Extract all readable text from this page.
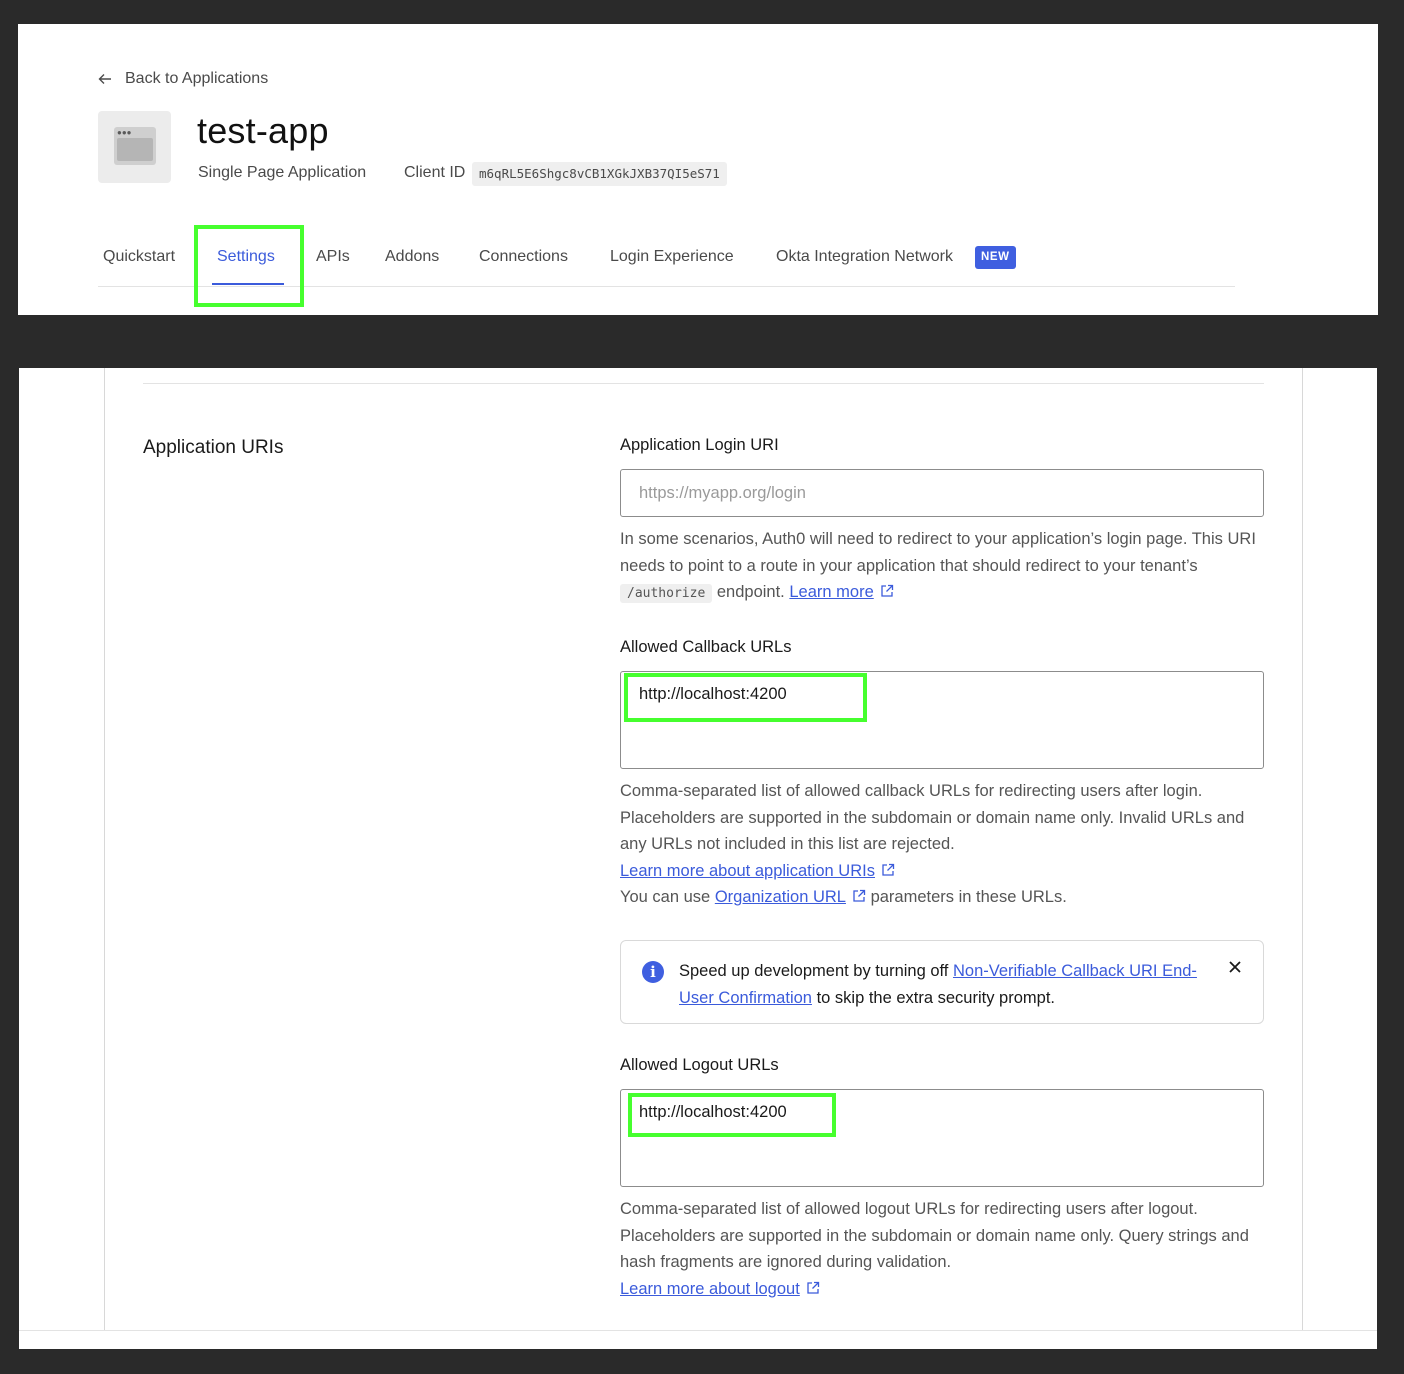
Back to Applications
●●● test-app
Single Page Application Client ID	m6qRL5E6Shgc8vCB1XGkJXB37QI5eS71
Quickstart	Settings	APIs Addons Connections	Login Experience	Okta Integration Network	NEW
Application URIs	Application Login URI
https://myapp.org/login
In some scenarios, Auth0 will need to redirect to your application’s login page. This URI needs to point to a route in your application that should redirect to your tenant’s /authorize endpoint. Learn more
Allowed Callback URLs
http://localhost:4200
Comma-separated list of allowed callback URLs for redirecting users after login. Placeholders are supported in the subdomain or domain name only. Invalid URLs and any URLs not included in this list are rejected.
Learn more about application URIs
You can use Organization URL parameters in these URLs.
i	Speed up development by turning off Non-Verifiable Callback URI End-User Confirmation to skip the extra security prompt.
Allowed Logout URLs
http://localhost:4200
Comma-separated list of allowed logout URLs for redirecting users after logout. Placeholders are supported in the subdomain or domain name only. Query strings and hash fragments are ignored during validation.
Learn more about logout
